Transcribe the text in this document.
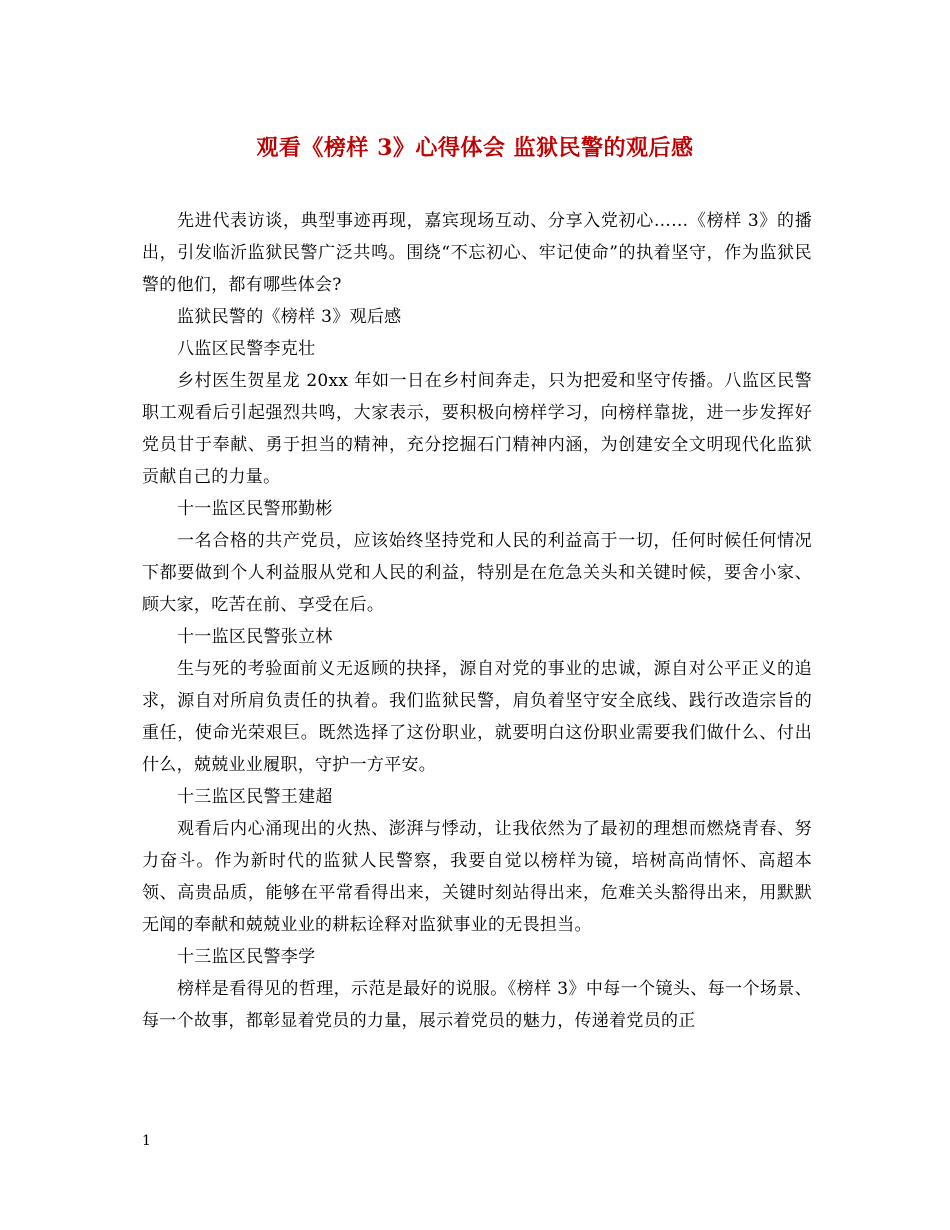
观看《榜样 3》心得体会 监狱民警的观后感

先进代表访谈，典型事迹再现，嘉宾现场互动、分享入党初心……《榜样 3》的播出，引发临沂监狱民警广泛共鸣。围绕“不忘初心、牢记使命”的执着坚守，作为监狱民警的他们，都有哪些体会?

监狱民警的《榜样 3》观后感

八监区民警李克壮

乡村医生贺星龙 20xx 年如一日在乡村间奔走，只为把爱和坚守传播。八监区民警职工观看后引起强烈共鸣，大家表示，要积极向榜样学习，向榜样靠拢，进一步发挥好党员甘于奉献、勇于担当的精神，充分挖掘石门精神内涵，为创建安全文明现代化监狱贡献自己的力量。

十一监区民警邢勤彬

一名合格的共产党员，应该始终坚持党和人民的利益高于一切，任何时候任何情况下都要做到个人利益服从党和人民的利益，特别是在危急关头和关键时候，要舍小家、顾大家，吃苦在前、享受在后。

十一监区民警张立林

生与死的考验面前义无返顾的抉择，源自对党的事业的忠诚，源自对公平正义的追求，源自对所肩负责任的执着。我们监狱民警，肩负着坚守安全底线、践行改造宗旨的重任，使命光荣艰巨。既然选择了这份职业，就要明白这份职业需要我们做什么、付出什么，兢兢业业履职，守护一方平安。

十三监区民警王建超

观看后内心涌现出的火热、澎湃与悸动，让我依然为了最初的理想而燃烧青春、努力奋斗。作为新时代的监狱人民警察，我要自觉以榜样为镜，培树高尚情怀、高超本领、高贵品质，能够在平常看得出来，关键时刻站得出来，危难关头豁得出来，用默默无闻的奉献和兢兢业业的耕耘诠释对监狱事业的无畏担当。

十三监区民警李学

榜样是看得见的哲理，示范是最好的说服。《榜样 3》中每一个镜头、每一个场景、每一个故事，都彰显着党员的力量，展示着党员的魅力，传递着党员的正

1
